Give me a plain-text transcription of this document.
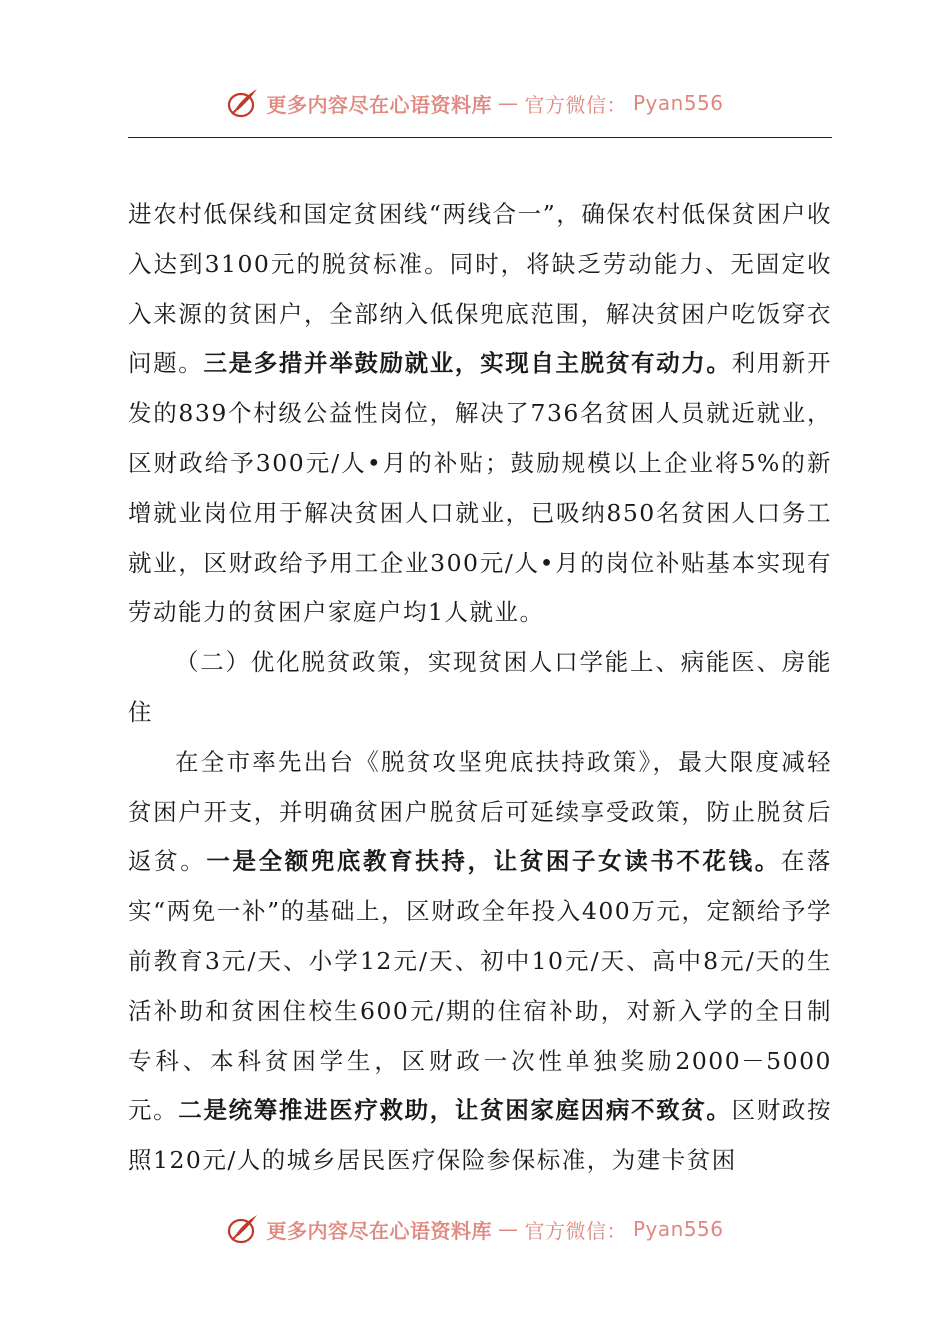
更多内容尽在心语资料库 — 官方微信： Pyan556

进农村低保线和国定贫困线“两线合一”，确保农村低保贫困户收入达到3100元的脱贫标准。同时，将缺乏劳动能力、无固定收入来源的贫困户，全部纳入低保兜底范围，解决贫困户吃饭穿衣问题。三是多措并举鼓励就业，实现自主脱贫有动力。利用新开发的839个村级公益性岗位，解决了736名贫困人员就近就业，区财政给予300元/人•月的补贴；鼓励规模以上企业将5%的新增就业岗位用于解决贫困人口就业，已吸纳850名贫困人口务工就业，区财政给予用工企业300元/人•月的岗位补贴基本实现有劳动能力的贫困户家庭户均1人就业。

（二）优化脱贫政策，实现贫困人口学能上、病能医、房能住

在全市率先出台《脱贫攻坚兜底扶持政策》，最大限度减轻贫困户开支，并明确贫困户脱贫后可延续享受政策，防止脱贫后返贫。一是全额兜底教育扶持，让贫困子女读书不花钱。在落实“两免一补”的基础上，区财政全年投入400万元，定额给予学前教育3元/天、小学12元/天、初中10元/天、高中8元/天的生活补助和贫困住校生600元/期的住宿补助，对新入学的全日制专科、本科贫困学生，区财政一次性单独奖励2000－5000元。二是统筹推进医疗救助，让贫困家庭因病不致贫。区财政按照120元/人的城乡居民医疗保险参保标准，为建卡贫困

更多内容尽在心语资料库 — 官方微信： Pyan556
